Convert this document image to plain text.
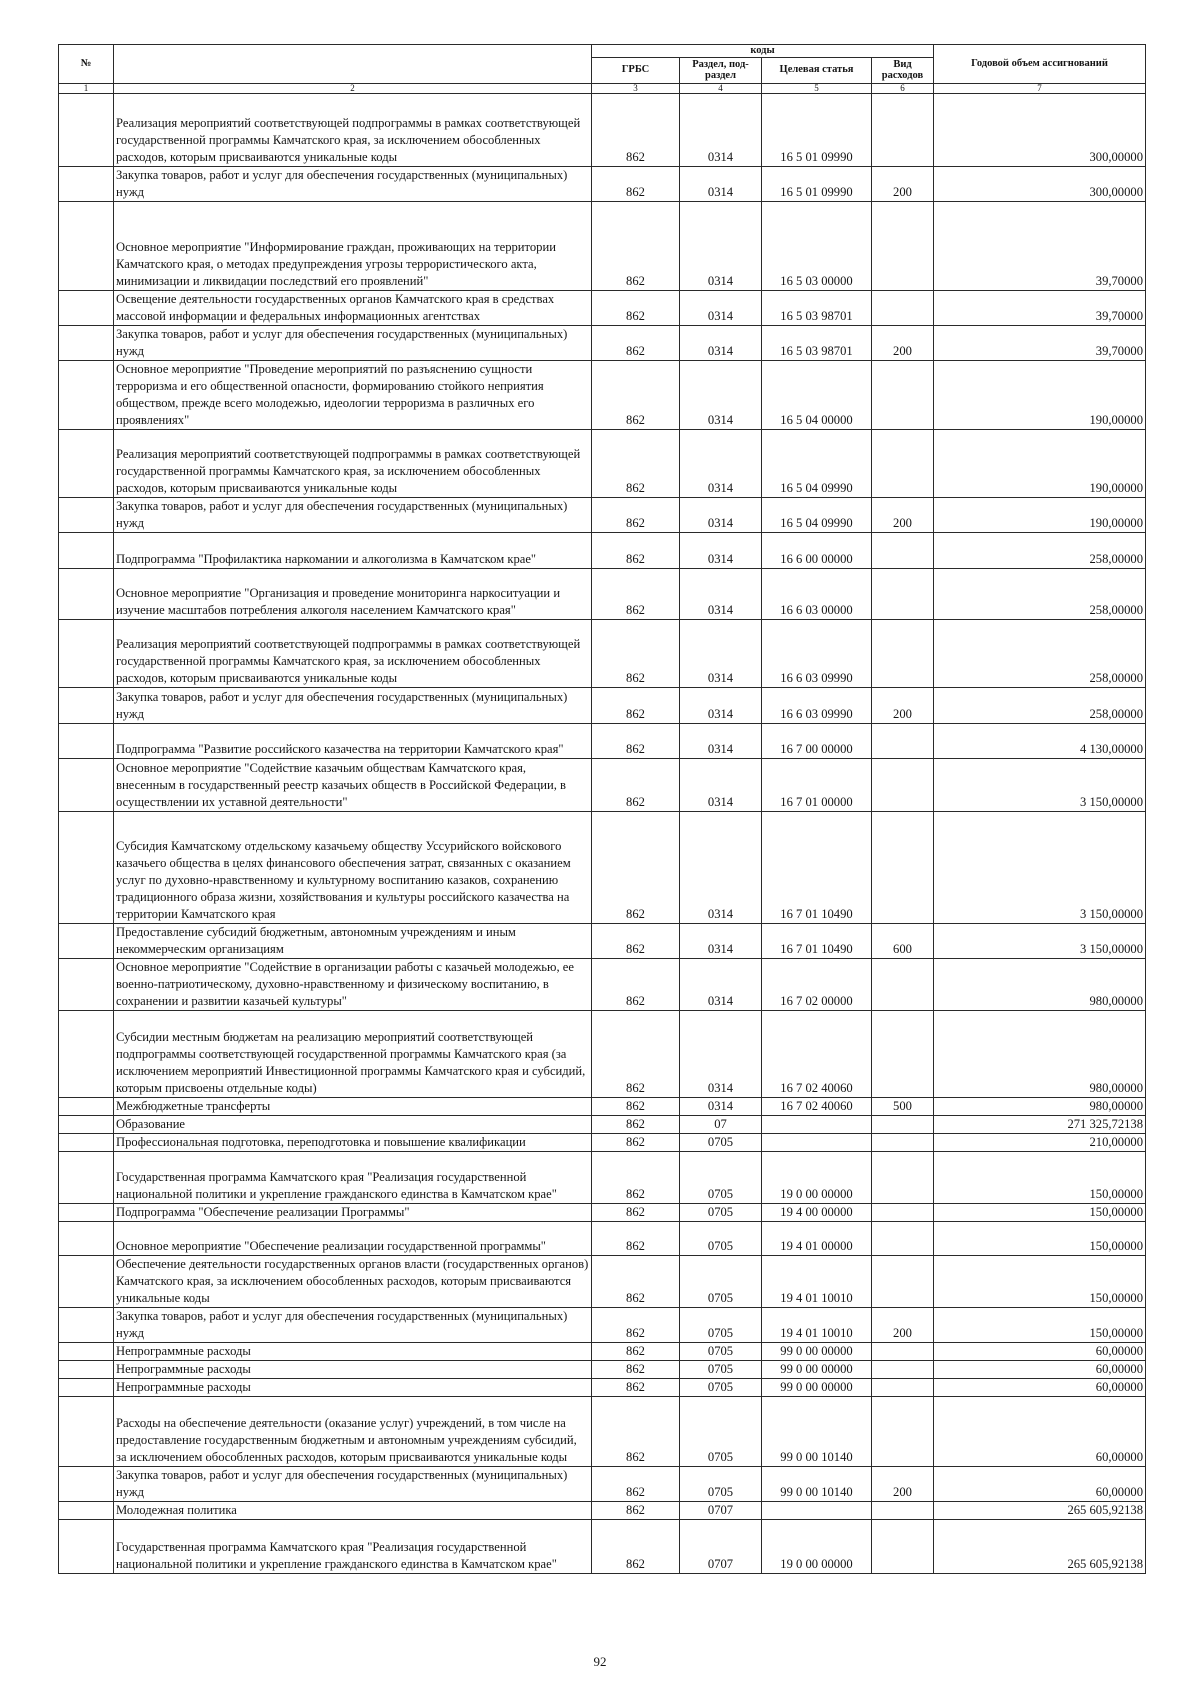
№		коды				Годовой объем ассигнований
		ГРБС	Раздел, под-раздел	Целевая статья	Вид расходов	
1	2	3	4	5	6	7
	Реализация мероприятий соответствующей подпрограммы в рамках соответствующей государственной программы Камчатского края, за исключением обособленных расходов, которым присваиваются уникальные коды	862	0314	16 5 01 09990		300,00000
	Закупка товаров, работ и услуг для обеспечения государственных (муниципальных) нужд	862	0314	16 5 01 09990	200	300,00000
	Основное мероприятие "Информирование граждан, проживающих на территории Камчатского края, о методах предупреждения угрозы террористического акта, минимизации и ликвидации последствий его проявлений"	862	0314	16 5 03 00000		39,70000
	Освещение деятельности государственных органов Камчатского края в средствах массовой информации и федеральных информационных агентствах	862	0314	16 5 03 98701		39,70000
	Закупка товаров, работ и услуг для обеспечения государственных (муниципальных) нужд	862	0314	16 5 03 98701	200	39,70000
	Основное мероприятие "Проведение мероприятий по разъяснению сущности терроризма и его общественной опасности, формированию стойкого неприятия обществом, прежде всего молодежью, идеологии терроризма в различных его проявлениях"	862	0314	16 5 04 00000		190,00000
	Реализация мероприятий соответствующей подпрограммы в рамках соответствующей государственной программы Камчатского края, за исключением обособленных расходов, которым присваиваются уникальные коды	862	0314	16 5 04 09990		190,00000
	Закупка товаров, работ и услуг для обеспечения государственных (муниципальных) нужд	862	0314	16 5 04 09990	200	190,00000
	Подпрограмма "Профилактика наркомании и алкоголизма в Камчатском крае"	862	0314	16 6 00 00000		258,00000
	Основное мероприятие "Организация и проведение мониторинга наркоситуации и изучение масштабов потребления алкоголя населением Камчатского края"	862	0314	16 6 03 00000		258,00000
	Реализация мероприятий соответствующей подпрограммы в рамках соответствующей государственной программы Камчатского края, за исключением обособленных расходов, которым присваиваются уникальные коды	862	0314	16 6 03 09990		258,00000
	Закупка товаров, работ и услуг для обеспечения государственных (муниципальных) нужд	862	0314	16 6 03 09990	200	258,00000
	Подпрограмма "Развитие российского казачества на территории Камчатского края"	862	0314	16 7 00 00000		4 130,00000
	Основное мероприятие "Содействие казачьим обществам Камчатского края, внесенным в государственный реестр казачьих обществ в Российской Федерации, в осуществлении их уставной деятельности"	862	0314	16 7 01 00000		3 150,00000
	Субсидия Камчатскому отдельскому казачьему обществу Уссурийского войскового казачьего общества в целях финансового обеспечения затрат, связанных с оказанием услуг по духовно-нравственному и культурному воспитанию казаков, сохранению традиционного образа жизни, хозяйствования и культуры российского казачества на территории Камчатского края	862	0314	16 7 01 10490		3 150,00000
	Предоставление субсидий бюджетным, автономным учреждениям и иным некоммерческим организациям	862	0314	16 7 01 10490	600	3 150,00000
	Основное мероприятие "Содействие в организации работы с казачьей молодежью, ее военно-патриотическому, духовно-нравственному и физическому воспитанию, в сохранении и развитии казачьей культуры"	862	0314	16 7 02 00000		980,00000
	Субсидии местным бюджетам на реализацию мероприятий соответствующей подпрограммы соответствующей государственной программы Камчатского края (за исключением мероприятий Инвестиционной программы Камчатского края и субсидий, которым присвоены отдельные коды)	862	0314	16 7 02 40060		980,00000
	Межбюджетные трансферты	862	0314	16 7 02 40060	500	980,00000
	Образование	862	07			271 325,72138
	Профессиональная подготовка, переподготовка и повышение квалификации	862	0705			210,00000
	Государственная программа Камчатского края "Реализация государственной национальной политики и укрепление гражданского единства в Камчатском крае"	862	0705	19 0 00 00000		150,00000
	Подпрограмма "Обеспечение реализации Программы"	862	0705	19 4 00 00000		150,00000
	Основное мероприятие "Обеспечение реализации государственной программы"	862	0705	19 4 01 00000		150,00000
	Обеспечение деятельности государственных органов власти (государственных органов) Камчатского края, за исключением обособленных расходов, которым присваиваются уникальные коды	862	0705	19 4 01 10010		150,00000
	Закупка товаров, работ и услуг для обеспечения государственных (муниципальных) нужд	862	0705	19 4 01 10010	200	150,00000
	Непрограммные расходы	862	0705	99 0 00 00000		60,00000
	Непрограммные расходы	862	0705	99 0 00 00000		60,00000
	Непрограммные расходы	862	0705	99 0 00 00000		60,00000
	Расходы на обеспечение деятельности (оказание услуг) учреждений, в том числе на предоставление государственным бюджетным и автономным учреждениям субсидий, за исключением обособленных расходов, которым присваиваются уникальные коды	862	0705	99 0 00 10140		60,00000
	Закупка товаров, работ и услуг для обеспечения государственных (муниципальных) нужд	862	0705	99 0 00 10140	200	60,00000
	Молодежная политика	862	0707			265 605,92138
	Государственная программа Камчатского края "Реализация государственной национальной политики и укрепление гражданского единства в Камчатском крае"	862	0707	19 0 00 00000		265 605,92138
92
